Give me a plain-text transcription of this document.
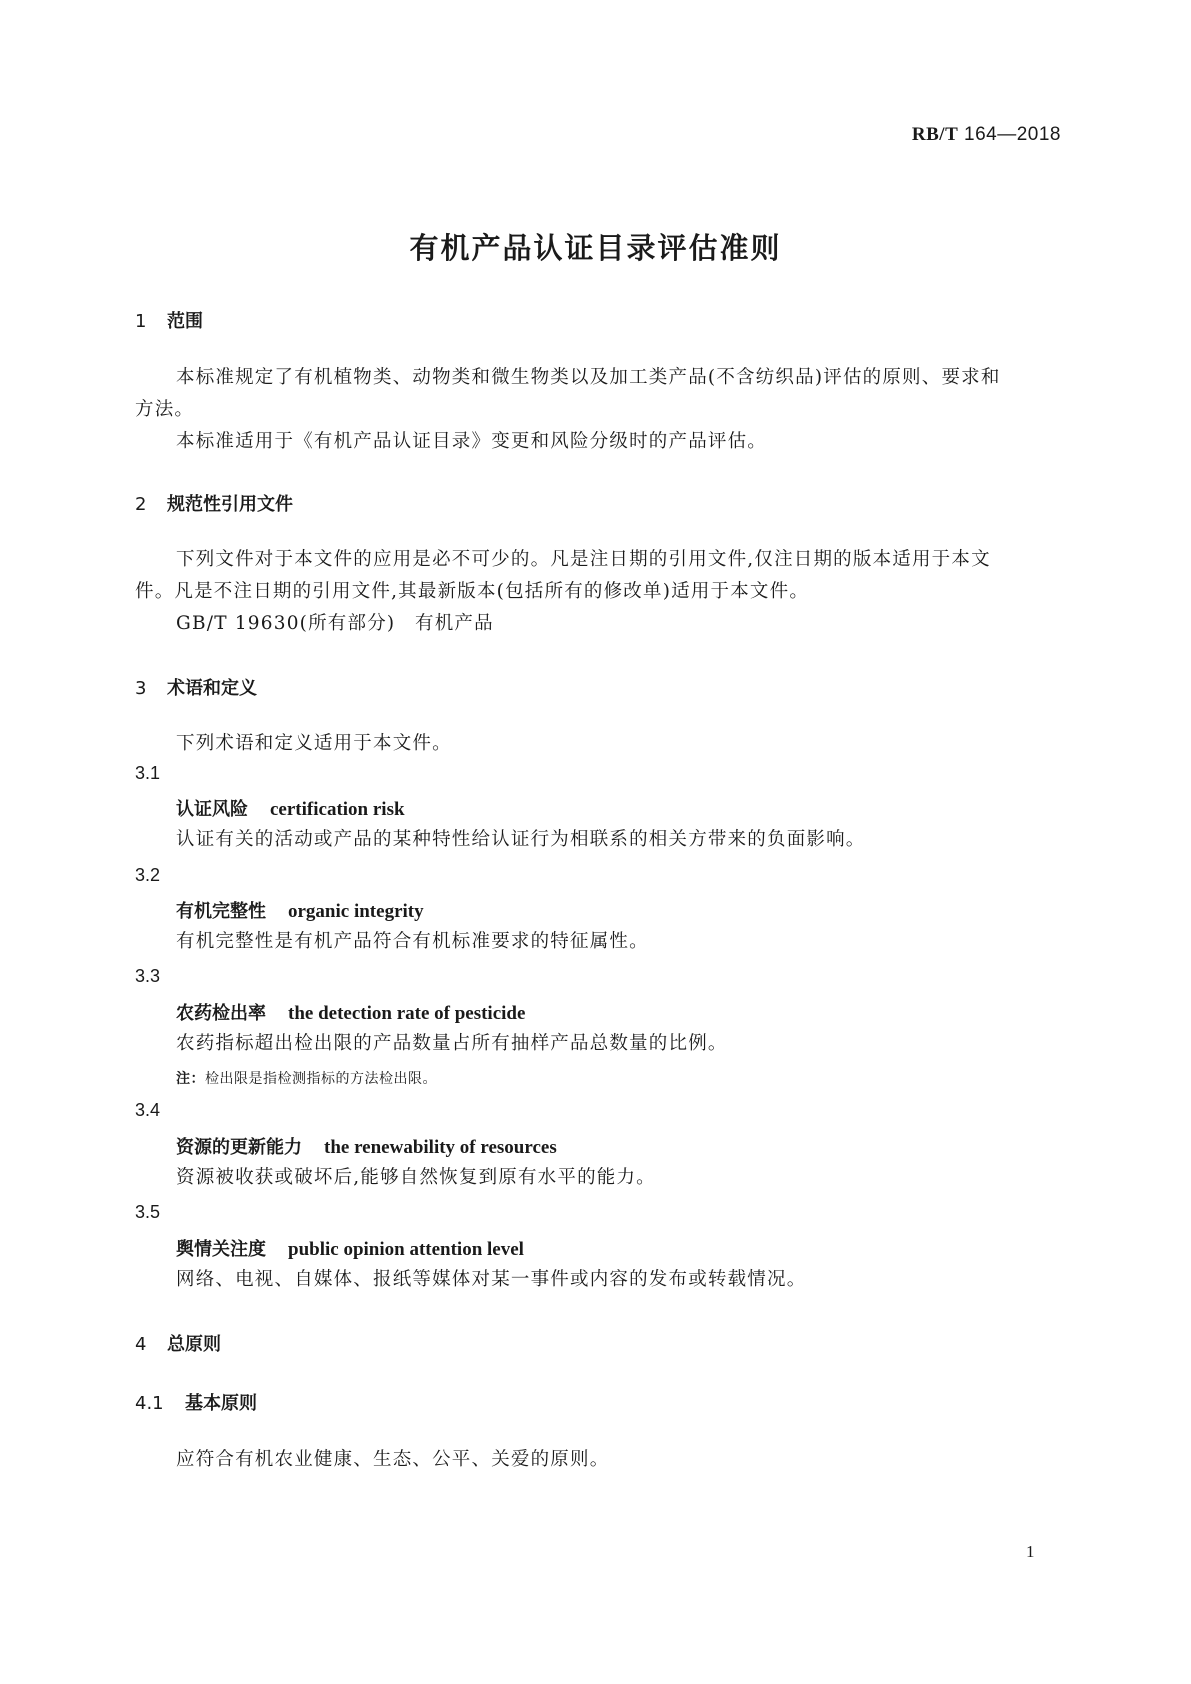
RB/T 164—2018
有机产品认证目录评估准则
1 范围
本标准规定了有机植物类、动物类和微生物类以及加工类产品(不含纺织品)评估的原则、要求和
方法。
本标准适用于《有机产品认证目录》变更和风险分级时的产品评估。
2 规范性引用文件
下列文件对于本文件的应用是必不可少的。凡是注日期的引用文件,仅注日期的版本适用于本文
件。凡是不注日期的引用文件,其最新版本(包括所有的修改单)适用于本文件。
GB/T 19630(所有部分)　有机产品
3 术语和定义
下列术语和定义适用于本文件。
3.1
认证风险 certification risk
认证有关的活动或产品的某种特性给认证行为相联系的相关方带来的负面影响。
3.2
有机完整性 organic integrity
有机完整性是有机产品符合有机标准要求的特征属性。
3.3
农药检出率 the detection rate of pesticide
农药指标超出检出限的产品数量占所有抽样产品总数量的比例。
注：检出限是指检测指标的方法检出限。
3.4
资源的更新能力 the renewability of resources
资源被收获或破坏后,能够自然恢复到原有水平的能力。
3.5
舆情关注度 public opinion attention level
网络、电视、自媒体、报纸等媒体对某一事件或内容的发布或转载情况。
4 总原则
4.1 基本原则
应符合有机农业健康、生态、公平、关爱的原则。
1
